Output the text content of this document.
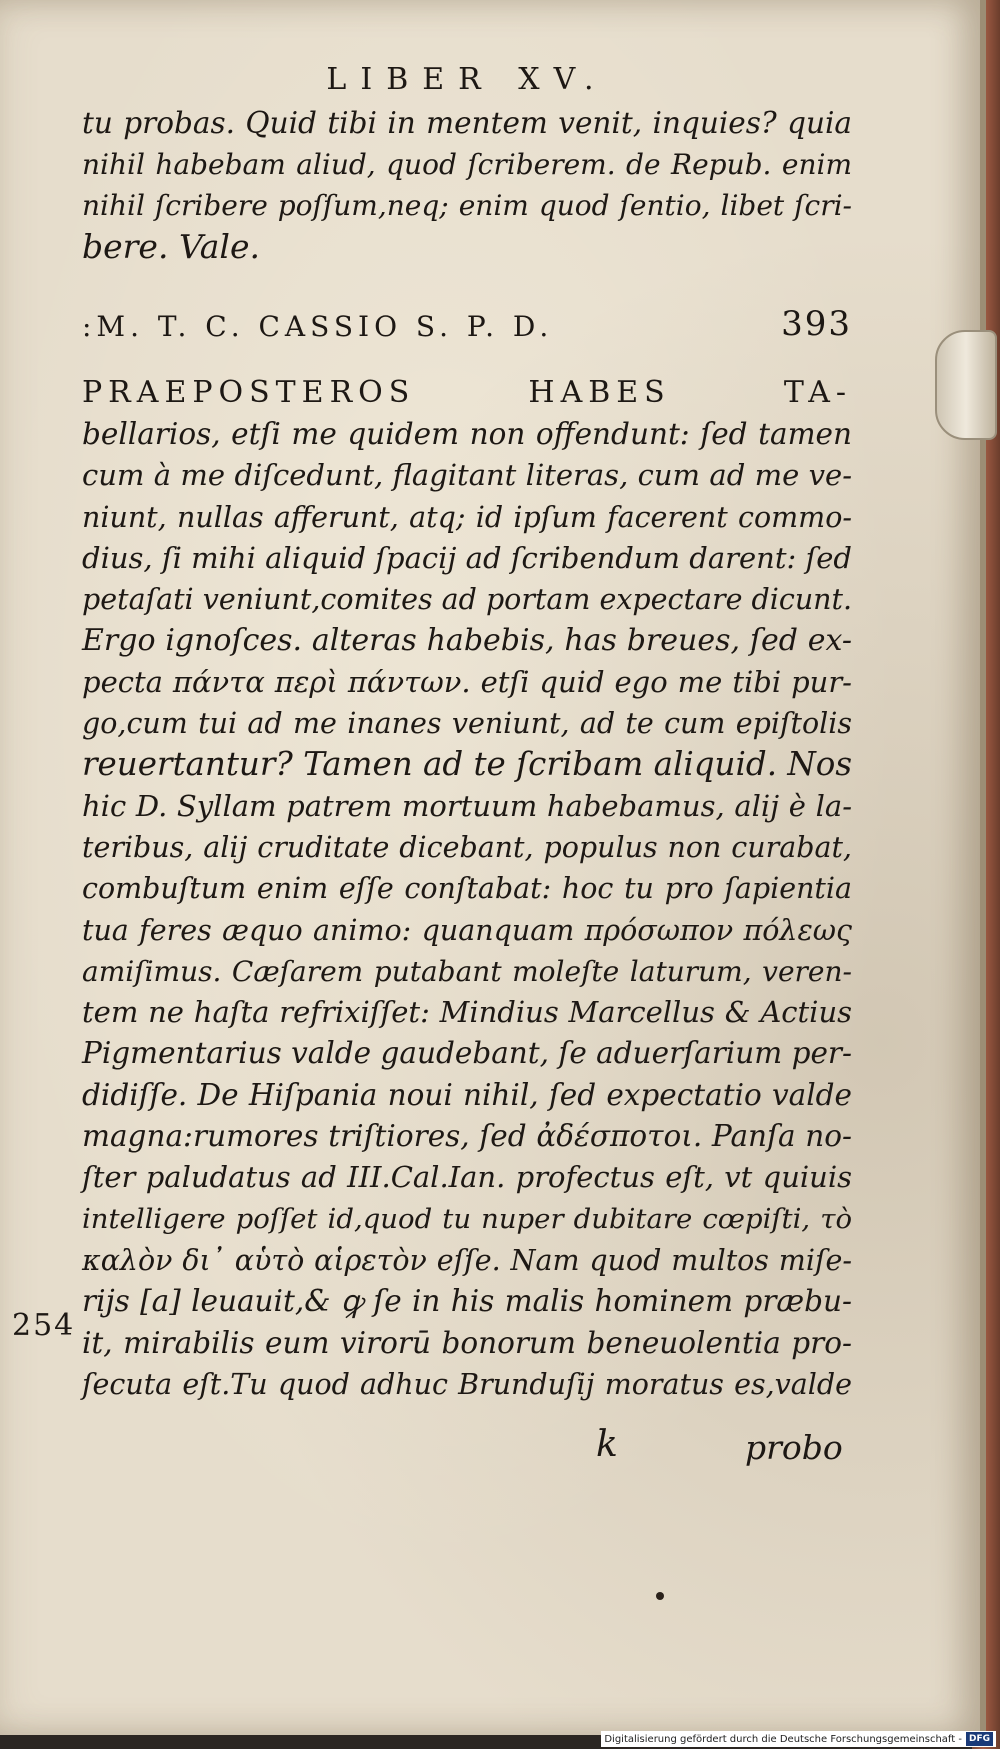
LIBER XV.
tu probas. Quid tibi in mentem venit, inquies? quia
nihil habebam aliud, quod ſcriberem. de Repub. enim
nihil ſcribere poſſum,neq; enim quod ſentio, libet ſcri-
bere. Vale.
:M. T. C. CASSIO S. P. D.	393
PRAEPOSTEROS HABES TA-
bellarios, etſi me quidem non offendunt: ſed tamen
cum à me diſcedunt, flagitant literas, cum ad me ve-
niunt, nullas afferunt, atq; id ipſum facerent commo-
dius, ſi mihi aliquid ſpacij ad ſcribendum darent: ſed
petaſati veniunt,comites ad portam expectare dicunt.
Ergo ignoſces. alteras habebis, has breues, ſed ex-
pecta πάντα περὶ πάντων. etſi quid ego me tibi pur-
go,cum tui ad me inanes veniunt, ad te cum epiſtolis
reuertantur? Tamen ad te ſcribam aliquid. Nos
hic D. Syllam patrem mortuum habebamus, alij è la-
teribus, alij cruditate dicebant, populus non curabat,
combuſtum enim eſſe conſtabat: hoc tu pro ſapientia
tua feres æquo animo: quanquam πρόσωπον πόλεως
amiſimus. Cæſarem putabant moleſte laturum, veren-
tem ne haſta refrixiſſet: Mindius Marcellus & Actius
Pigmentarius valde gaudebant, ſe aduerſarium per-
didiſſe. De Hiſpania noui nihil, ſed expectatio valde
magna:rumores triſtiores, ſed ἀδέσποτοι. Panſa no-
ſter paludatus ad III.Cal.Ian. profectus eſt, vt quiuis
intelligere poſſet id,quod tu nuper dubitare cœpiſti, τὸ
καλὸν δι᾽ αὑτὸ αἱρετὸν eſſe. Nam quod multos miſe-
rijs [a] leuauit,& ꝙ ſe in his malis hominem præbu-
it, mirabilis eum virorū bonorum beneuolentia pro-
ſecuta eſt.Tu quod adhuc Brunduſij moratus es,valde
254
k	probo
Digitalisierung gefördert durch die Deutsche Forschungsgemeinschaft - DFG
